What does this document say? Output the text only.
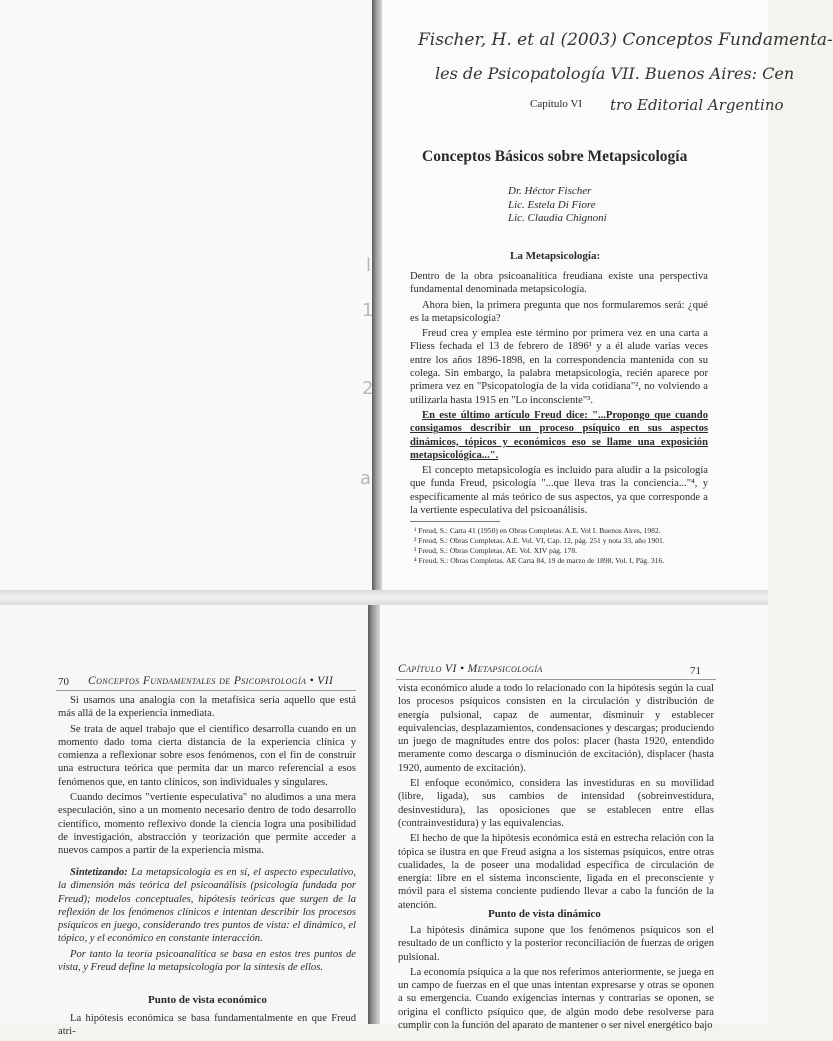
l
1
2
a
Fischer, H. et al (2003) Conceptos Fundamenta-
les de Psicopatología VII. Buenos Aires: Cen
tro Editorial Argentino
Capítulo VI
Conceptos Básicos sobre Metapsicología
Dr. Héctor Fischer
Lic. Estela Di Fiore
Lic. Claudia Chignoni
La Metapsicología:

Dentro de la obra psicoanalítica freudiana existe una perspectiva fundamental denominada metapsicología.

Ahora bien, la primera pregunta que nos formularemos será: ¿qué es la metapsicología?

Freud crea y emplea este término por primera vez en una carta a Fliess fechada el 13 de febrero de 1896¹ y a él alude varias veces entre los años 1896-1898, en la correspondencia mantenida con su colega. Sin embargo, la palabra metapsicología, recién aparece por primera vez en "Psicopatología de la vida cotidiana"², no volviendo a utilizarla hasta 1915 en "Lo inconsciente"³.

En este último artículo Freud dice: "...Propongo que cuando consigamos describir un proceso psíquico en sus aspectos dinámicos, tópicos y económicos eso se llame una exposición metapsicológica...".

El concepto metapsicología es incluido para aludir a la psicología que funda Freud, psicología "...que lleva tras la conciencia..."⁴, y específicamente al más teórico de sus aspectos, ya que corresponde a la vertiente especulativa del psicoanálisis.

¹ Freud, S.: Carta 41 (1950) en Obras Completas. A.E. Vol I. Buenos Aires, 1982.
² Freud, S.: Obras Completas. A.E. Vol. VI, Cap. 12, pág. 251 y nota 33, año 1901.
³ Freud, S.: Obras Completas. AE. Vol. XIV pág. 178.
⁴ Freud, S.: Obras Completas. AE Carta 84, 19 de marzo de 1898, Vol. I, Pág. 316.
70 Conceptos Fundamentales de Psicopatología • VII

Si usamos una analogía con la metafísica sería aquello que está más allá de la experiencia inmediata.

Se trata de aquel trabajo que el científico desarrolla cuando en un momento dado toma cierta distancia de la experiencia clínica y comienza a reflexionar sobre esos fenómenos, con el fin de construir una estructura teórica que permita dar un marco referencial a esos fenómenos que, en tanto clínicos, son individuales y singulares.

Cuando decimos "vertiente especulativa" no aludimos a una mera especulación, sino a un momento necesario dentro de todo desarrollo científico, momento reflexivo donde la ciencia logra una posibilidad de investigación, abstracción y teorización que permite acceder a nuevos campos a partir de la experiencia misma.

Sintetizando: La metapsicología es en sí, el aspecto especulativo, la dimensión más teórica del psicoanálisis (psicología fundada por Freud); modelos conceptuales, hipótesis teóricas que surgen de la reflexión de los fenómenos clínicos e intentan describir los procesos psíquicos en juego, considerando tres puntos de vista: el dinámico, el tópico, y el económico en constante interacción.

Por tanto la teoría psicoanalítica se basa en estos tres puntos de vista, y Freud define la metapsicología por la síntesis de ellos.

Punto de vista económico

La hipótesis económica se basa fundamentalmente en que Freud atri-

Capítulo VI • Metapsicología	71

vista económico alude a todo lo relacionado con la hipótesis según la cual los procesos psíquicos consisten en la circulación y distribución de energía pulsional, capaz de aumentar, disminuir y establecer equivalencias, desplazamientos, condensaciones y descargas; produciendo un juego de magnitudes entre dos polos: placer (hasta 1920, entendido meramente como descarga o disminución de excitación), displacer (hasta 1920, aumento de excitación).

El enfoque económico, considera las investiduras en su movilidad (libre, ligada), sus cambios de intensidad (sobreinvestidura, desinvestidura), las oposiciones que se establecen entre ellas (contrainvestidura) y las equivalencias.

El hecho de que la hipótesis económica está en estrecha relación con la tópica se ilustra en que Freud asigna a los sistemas psíquicos, entre otras cualidades, la de poseer una modalidad específica de circulación de energía: libre en el sistema inconsciente, ligada en el preconsciente y móvil para el sistema conciente pudiendo llevar a cabo la función de la atención.

Punto de vista dinámico

La hipótesis dinámica supone que los fenómenos psíquicos son el resultado de un conflicto y la posterior reconciliación de fuerzas de origen pulsional.

La economía psíquica a la que nos referimos anteriormente, se juega en un campo de fuerzas en el que unas intentan expresarse y otras se oponen a su emergencia. Cuando exigencias internas y contrarias se oponen, se origina el conflicto psíquico que, de algún modo debe resolverse para cumplir con la función del aparato de mantener o ser nivel energético bajo
